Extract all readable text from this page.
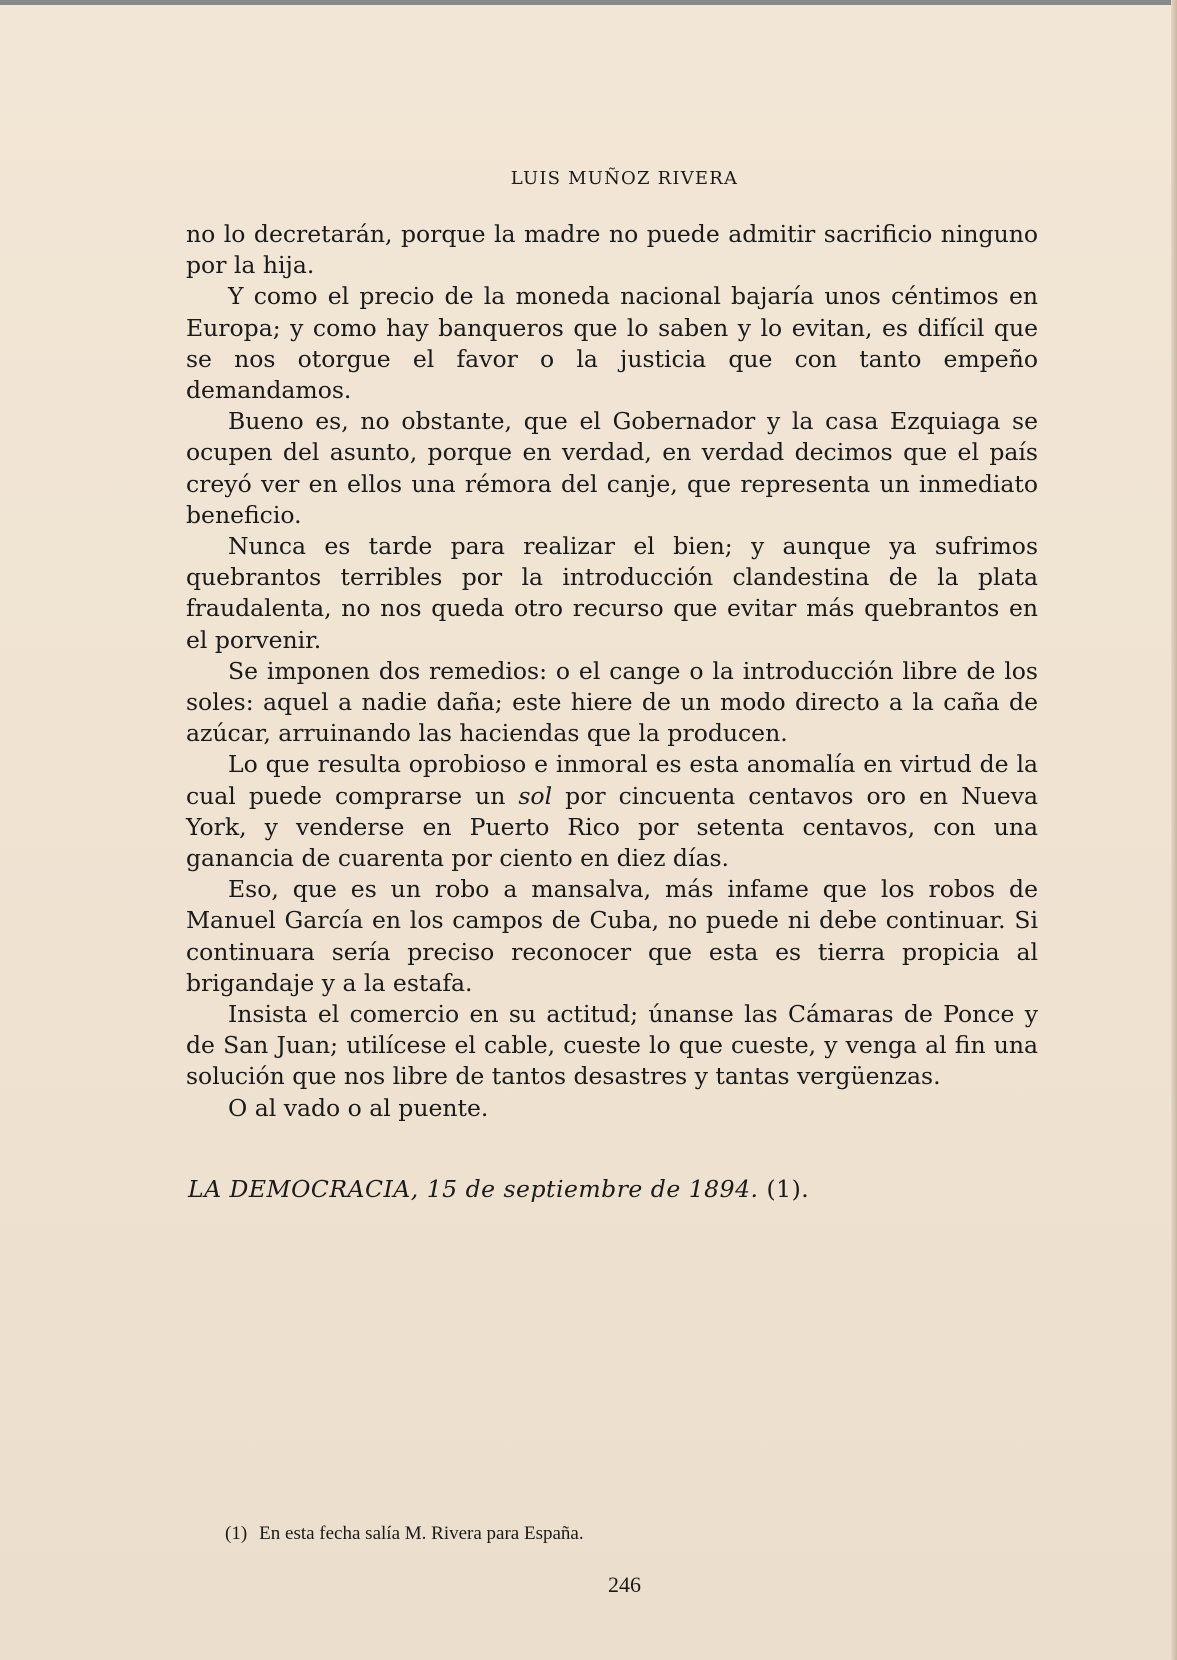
LUIS MUÑOZ RIVERA

no lo decretarán, porque la madre no puede admitir sacrificio ninguno por la hija.

Y como el precio de la moneda nacional bajaría unos céntimos en Europa; y como hay banqueros que lo saben y lo evitan, es difícil que se nos otorgue el favor o la justicia que con tanto empeño demandamos.

Bueno es, no obstante, que el Gobernador y la casa Ezquiaga se ocupen del asunto, porque en verdad, en verdad decimos que el país creyó ver en ellos una rémora del canje, que representa un inmediato beneficio.

Nunca es tarde para realizar el bien; y aunque ya sufrimos quebrantos terribles por la introducción clandestina de la plata fraudalenta, no nos queda otro recurso que evitar más quebrantos en el porvenir.

Se imponen dos remedios: o el cange o la introducción libre de los soles: aquel a nadie daña; este hiere de un modo directo a la caña de azúcar, arruinando las haciendas que la producen.

Lo que resulta oprobioso e inmoral es esta anomalía en virtud de la cual puede comprarse un sol por cincuenta centavos oro en Nueva York, y venderse en Puerto Rico por setenta centavos, con una ganancia de cuarenta por ciento en diez días.

Eso, que es un robo a mansalva, más infame que los robos de Manuel García en los campos de Cuba, no puede ni debe continuar. Si continuara sería preciso reconocer que esta es tierra propicia al brigandaje y a la estafa.

Insista el comercio en su actitud; únanse las Cámaras de Ponce y de San Juan; utilícese el cable, cueste lo que cueste, y venga al fin una solución que nos libre de tantos desastres y tantas vergüenzas.

O al vado o al puente.

LA DEMOCRACIA, 15 de septiembre de 1894. (1).
(1) En esta fecha salía M. Rivera para España.
246
